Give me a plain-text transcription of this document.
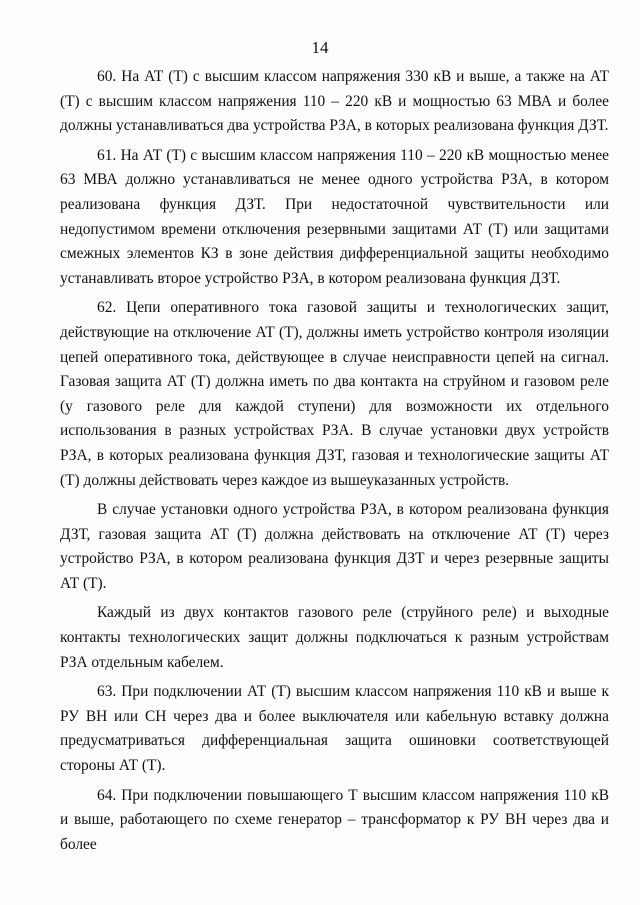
14

60. На АТ (Т) с высшим классом напряжения 330 кВ и выше, а также на АТ (Т) с высшим классом напряжения 110 – 220 кВ и мощностью 63 МВА и более должны устанавливаться два устройства РЗА, в которых реализована функция ДЗТ.

61. На АТ (Т) с высшим классом напряжения 110 – 220 кВ мощностью менее 63 МВА должно устанавливаться не менее одного устройства РЗА, в котором реализована функция ДЗТ. При недостаточной чувствительности или недопустимом времени отключения резервными защитами АТ (Т) или защитами смежных элементов КЗ в зоне действия дифференциальной защиты необходимо устанавливать второе устройство РЗА, в котором реализована функция ДЗТ.

62. Цепи оперативного тока газовой защиты и технологических защит, действующие на отключение АТ (Т), должны иметь устройство контроля изоляции цепей оперативного тока, действующее в случае неисправности цепей на сигнал. Газовая защита АТ (Т) должна иметь по два контакта на струйном и газовом реле (у газового реле для каждой ступени) для возможности их отдельного использования в разных устройствах РЗА. В случае установки двух устройств РЗА, в которых реализована функция ДЗТ, газовая и технологические защиты АТ (Т) должны действовать через каждое из вышеуказанных устройств.

В случае установки одного устройства РЗА, в котором реализована функция ДЗТ, газовая защита АТ (Т) должна действовать на отключение АТ (Т) через устройство РЗА, в котором реализована функция ДЗТ и через резервные защиты АТ (Т).

Каждый из двух контактов газового реле (струйного реле) и выходные контакты технологических защит должны подключаться к разным устройствам РЗА отдельным кабелем.

63. При подключении АТ (Т) высшим классом напряжения 110 кВ и выше к РУ ВН или СН через два и более выключателя или кабельную вставку должна предусматриваться дифференциальная защита ошиновки соответствующей стороны АТ (Т).

64. При подключении повышающего Т высшим классом напряжения 110 кВ и выше, работающего по схеме генератор – трансформатор к РУ ВН через два и более
